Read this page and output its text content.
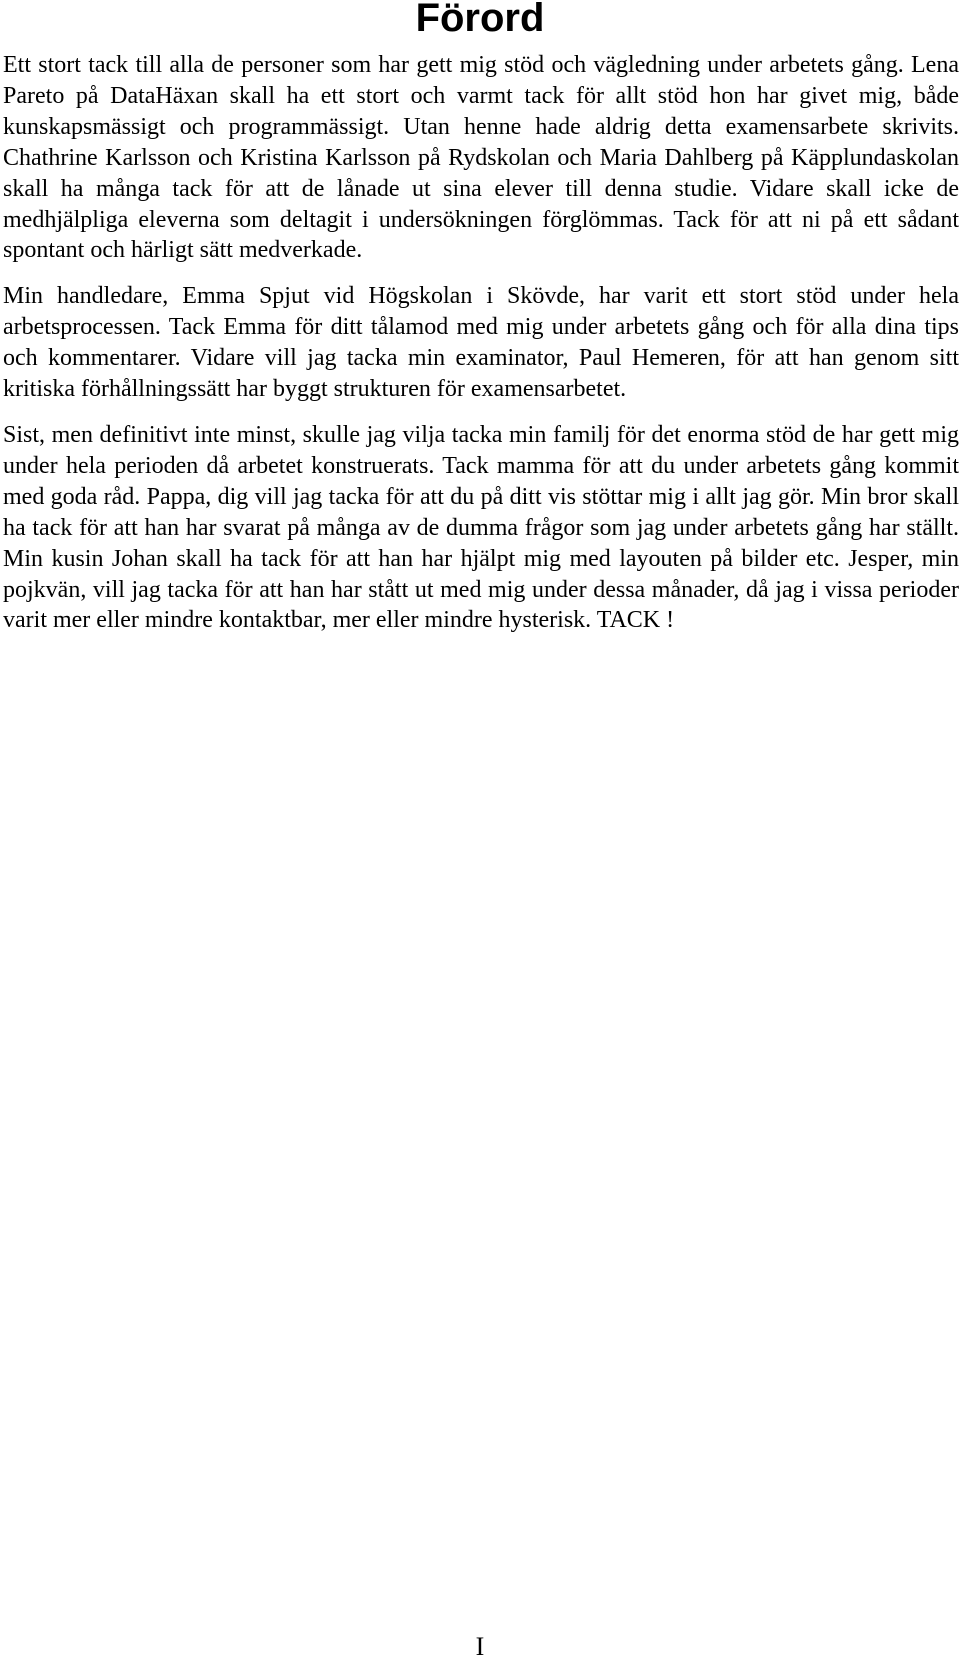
Förord

Ett stort tack till alla de personer som har gett mig stöd och vägledning under arbetets gång. Lena Pareto på DataHäxan skall ha ett stort och varmt tack för allt stöd hon har givet mig, både kunskapsmässigt och programmässigt. Utan henne hade aldrig detta examensarbete skrivits. Chathrine Karlsson och Kristina Karlsson på Rydskolan och Maria Dahlberg på Käpplundaskolan skall ha många tack för att de lånade ut sina elever till denna studie. Vidare skall icke de medhjälpliga eleverna som deltagit i undersökningen förglömmas. Tack för att ni på ett sådant spontant och härligt sätt medverkade.

Min handledare, Emma Spjut vid Högskolan i Skövde, har varit ett stort stöd under hela arbetsprocessen. Tack Emma för ditt tålamod med mig under arbetets gång och för alla dina tips och kommentarer. Vidare vill jag tacka min examinator, Paul Hemeren, för att han genom sitt kritiska förhållningssätt har byggt strukturen för examensarbetet.

Sist, men definitivt inte minst, skulle jag vilja tacka min familj för det enorma stöd de har gett mig under hela perioden då arbetet konstruerats. Tack mamma för att du under arbetets gång kommit med goda råd. Pappa, dig vill jag tacka för att du på ditt vis stöttar mig i allt jag gör. Min bror skall ha tack för att han har svarat på många av de dumma frågor som jag under arbetets gång har ställt. Min kusin Johan skall ha tack för att han har hjälpt mig med layouten på bilder etc. Jesper, min pojkvän, vill jag tacka för att han har stått ut med mig under dessa månader, då jag i vissa perioder varit mer eller mindre kontaktbar, mer eller mindre hysterisk. TACK !

I
